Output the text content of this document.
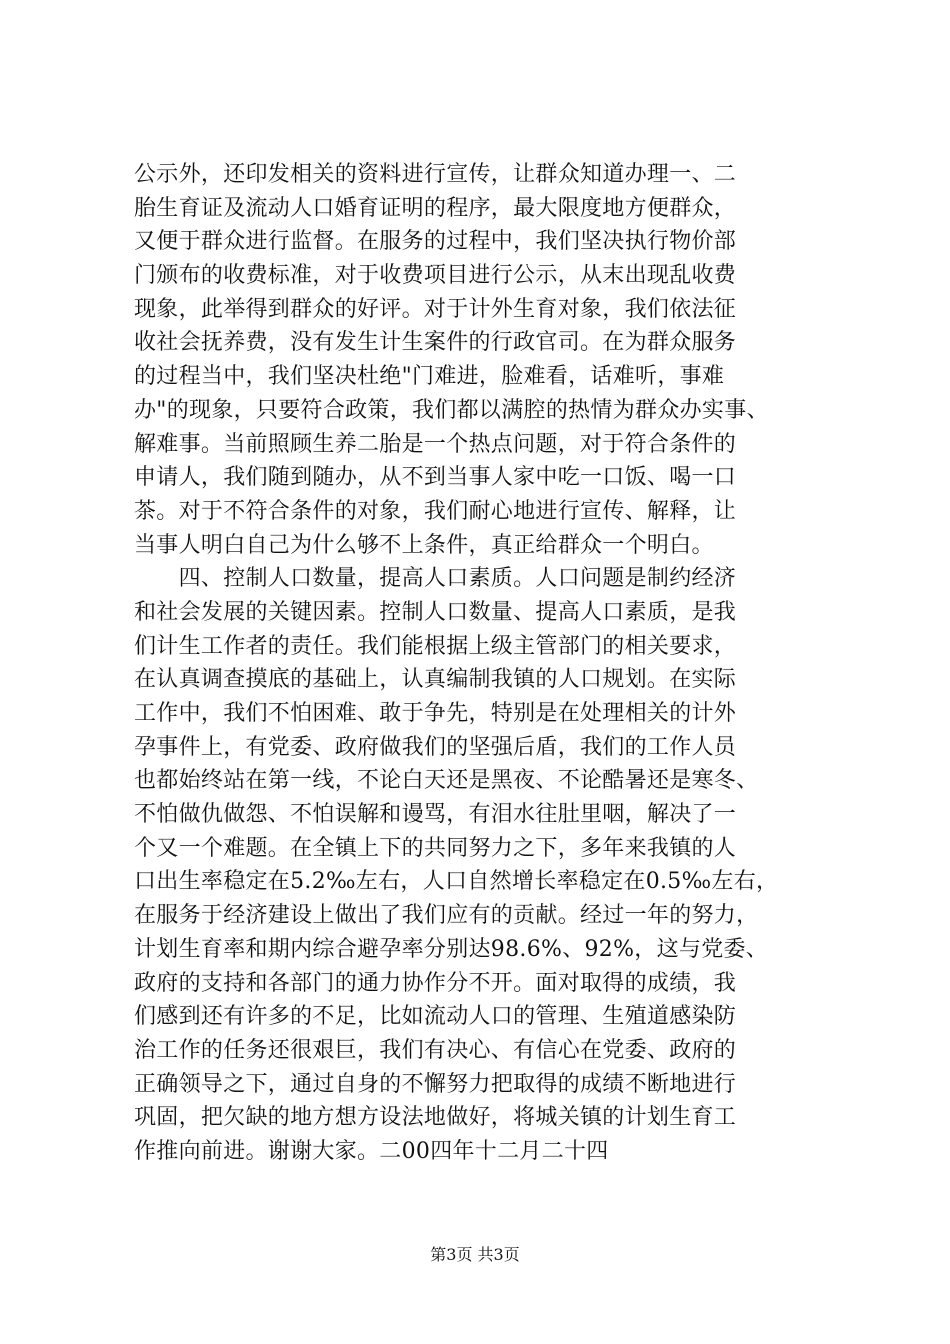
公示外，还印发相关的资料进行宣传，让群众知道办理一、二
胎生育证及流动人口婚育证明的程序，最大限度地方便群众，
又便于群众进行监督。在服务的过程中，我们坚决执行物价部
门颁布的收费标准，对于收费项目进行公示，从末出现乱收费
现象，此举得到群众的好评。对于计外生育对象，我们依法征
收社会抚养费，没有发生计生案件的行政官司。在为群众服务
的过程当中，我们坚决杜绝"门难进，脸难看，话难听，事难
办"的现象，只要符合政策，我们都以满腔的热情为群众办实事、
解难事。当前照顾生养二胎是一个热点问题，对于符合条件的
申请人，我们随到随办，从不到当事人家中吃一口饭、喝一口
茶。对于不符合条件的对象，我们耐心地进行宣传、解释，让
当事人明白自己为什么够不上条件，真正给群众一个明白。
　　四、控制人口数量，提高人口素质。人口问题是制约经济
和社会发展的关键因素。控制人口数量、提高人口素质，是我
们计生工作者的责任。我们能根据上级主管部门的相关要求，
在认真调查摸底的基础上，认真编制我镇的人口规划。在实际
工作中，我们不怕困难、敢于争先，特别是在处理相关的计外
孕事件上，有党委、政府做我们的坚强后盾，我们的工作人员
也都始终站在第一线，不论白天还是黑夜、不论酷暑还是寒冬、
不怕做仇做怨、不怕误解和谩骂，有泪水往肚里咽，解决了一
个又一个难题。在全镇上下的共同努力之下，多年来我镇的人
口出生率稳定在5.2‰左右，人口自然增长率稳定在0.5‰左右，
在服务于经济建设上做出了我们应有的贡献。经过一年的努力，
计划生育率和期内综合避孕率分别达98.6%、92%，这与党委、
政府的支持和各部门的通力协作分不开。面对取得的成绩，我
们感到还有许多的不足，比如流动人口的管理、生殖道感染防
治工作的任务还很艰巨，我们有决心、有信心在党委、政府的
正确领导之下，通过自身的不懈努力把取得的成绩不断地进行
巩固，把欠缺的地方想方设法地做好，将城关镇的计划生育工
作推向前进。谢谢大家。二00四年十二月二十四
第3页 共3页
